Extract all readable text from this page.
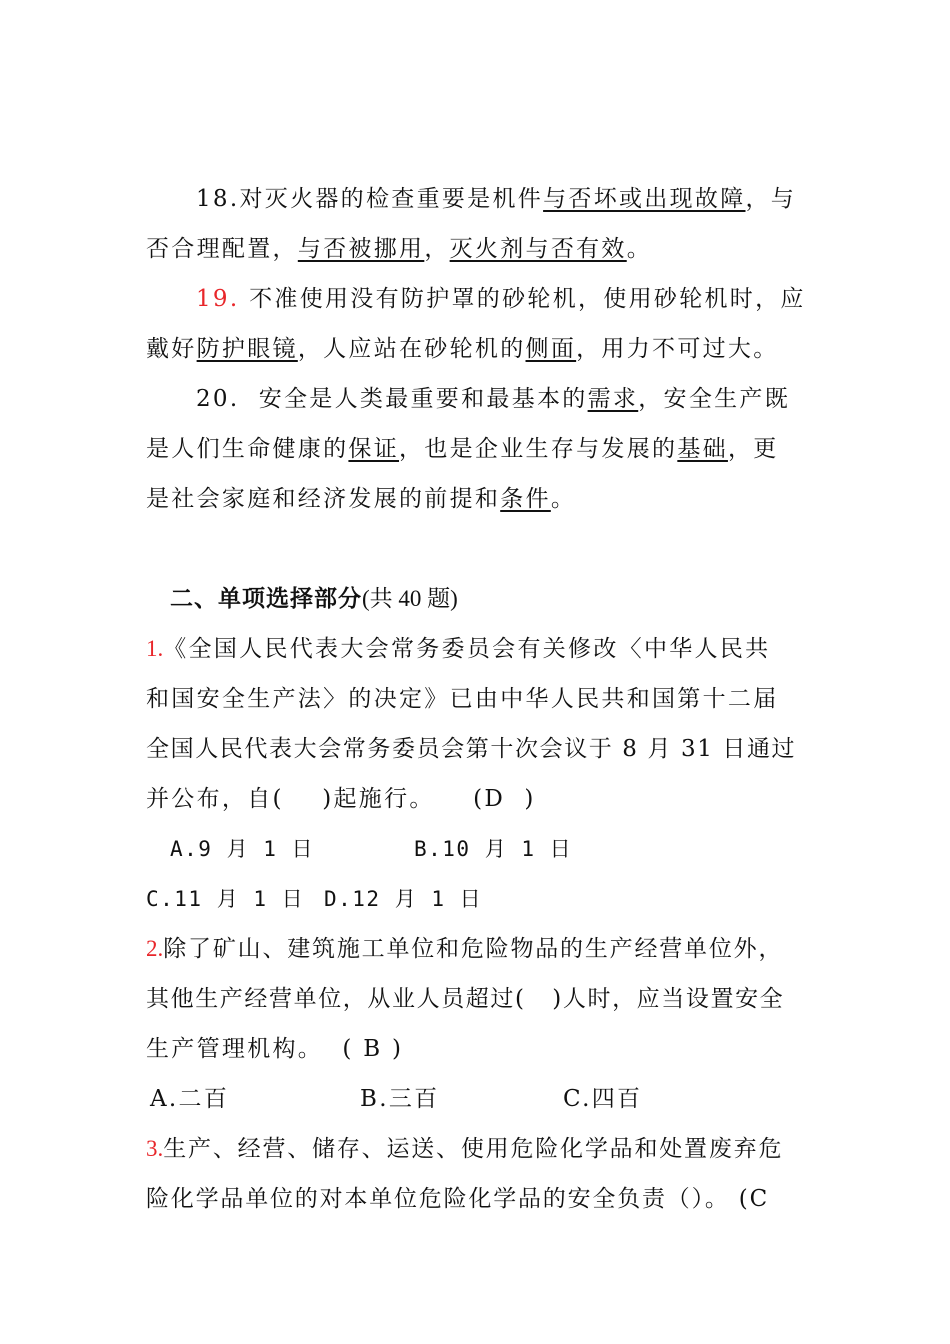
18.对灭火器的检查重要是机件与否坏或出现故障，与
否合理配置，与否被挪用，灭火剂与否有效。
19. 不准使用没有防护罩的砂轮机，使用砂轮机时，应
戴好防护眼镜，人应站在砂轮机的侧面，用力不可过大。
20.  安全是人类最重要和最基本的需求，安全生产既
是人们生命健康的保证，也是企业生存与发展的基础，更
是社会家庭和经济发展的前提和条件。
二、单项选择部分(共 40 题)
1.《全国人民代表大会常务委员会有关修改〈中华人民共
和国安全生产法〉的决定》已由中华人民共和国第十二届
全国人民代表大会常务委员会第十次会议于 8 月 31 日通过
并公布，自(    )起施行。    (D  )
A.9 月 1 日	B.10 月 1 日
C.11 月 1 日 D.12 月 1 日
2.除了矿山、建筑施工单位和危险物品的生产经营单位外，
其他生产经营单位，从业人员超过(   )人时，应当设置安全
生产管理机构。  ( B )
A.二百	B.三百	C.四百
3.生产、经营、储存、运送、使用危险化学品和处置废弃危
险化学品单位的对本单位危险化学品的安全负责（）。 (C
